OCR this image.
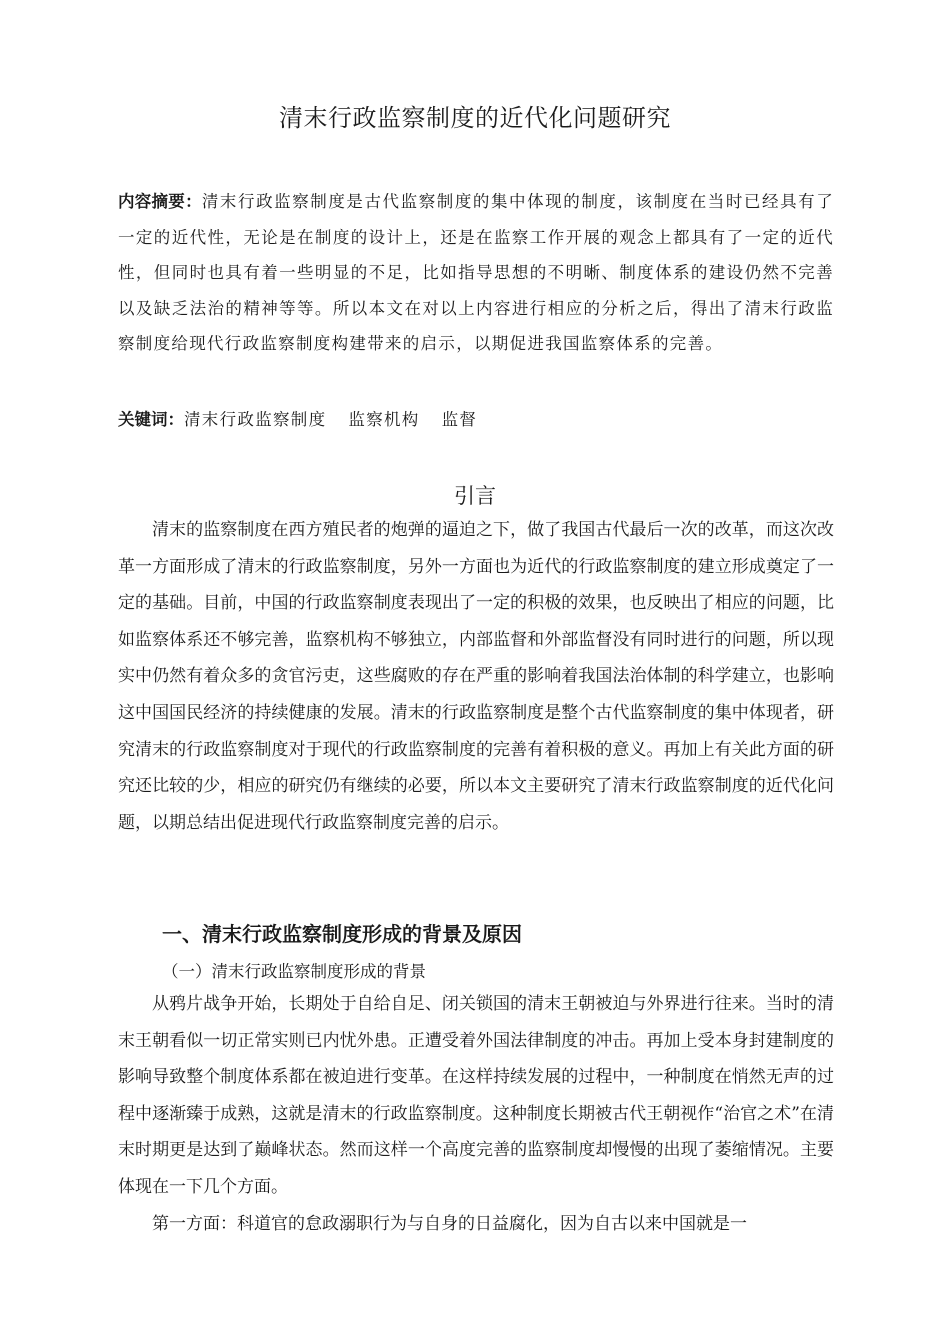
清末行政监察制度的近代化问题研究
内容摘要：清末行政监察制度是古代监察制度的集中体现的制度，该制度在当时已经具有了一定的近代性，无论是在制度的设计上，还是在监察工作开展的观念上都具有了一定的近代性，但同时也具有着一些明显的不足，比如指导思想的不明晰、制度体系的建设仍然不完善以及缺乏法治的精神等等。所以本文在对以上内容进行相应的分析之后，得出了清末行政监察制度给现代行政监察制度构建带来的启示，以期促进我国监察体系的完善。
关键词：清末行政监察制度 监察机构 监督
引言

清末的监察制度在西方殖民者的炮弹的逼迫之下，做了我国古代最后一次的改革，而这次改革一方面形成了清末的行政监察制度，另外一方面也为近代的行政监察制度的建立形成奠定了一定的基础。目前，中国的行政监察制度表现出了一定的积极的效果，也反映出了相应的问题，比如监察体系还不够完善，监察机构不够独立，内部监督和外部监督没有同时进行的问题，所以现实中仍然有着众多的贪官污吏，这些腐败的存在严重的影响着我国法治体制的科学建立，也影响这中国国民经济的持续健康的发展。清末的行政监察制度是整个古代监察制度的集中体现者，研究清末的行政监察制度对于现代的行政监察制度的完善有着积极的意义。再加上有关此方面的研究还比较的少，相应的研究仍有继续的必要，所以本文主要研究了清末行政监察制度的近代化问题，以期总结出促进现代行政监察制度完善的启示。

一、清末行政监察制度形成的背景及原因
（一）清末行政监察制度形成的背景

从鸦片战争开始，长期处于自给自足、闭关锁国的清末王朝被迫与外界进行往来。当时的清末王朝看似一切正常实则已内忧外患。正遭受着外国法律制度的冲击。再加上受本身封建制度的影响导致整个制度体系都在被迫进行变革。在这样持续发展的过程中，一种制度在悄然无声的过程中逐渐臻于成熟，这就是清末的行政监察制度。这种制度长期被古代王朝视作“治官之术”在清末时期更是达到了巅峰状态。然而这样一个高度完善的监察制度却慢慢的出现了萎缩情况。主要体现在一下几个方面。

第一方面：科道官的怠政溺职行为与自身的日益腐化，因为自古以来中国就是一
